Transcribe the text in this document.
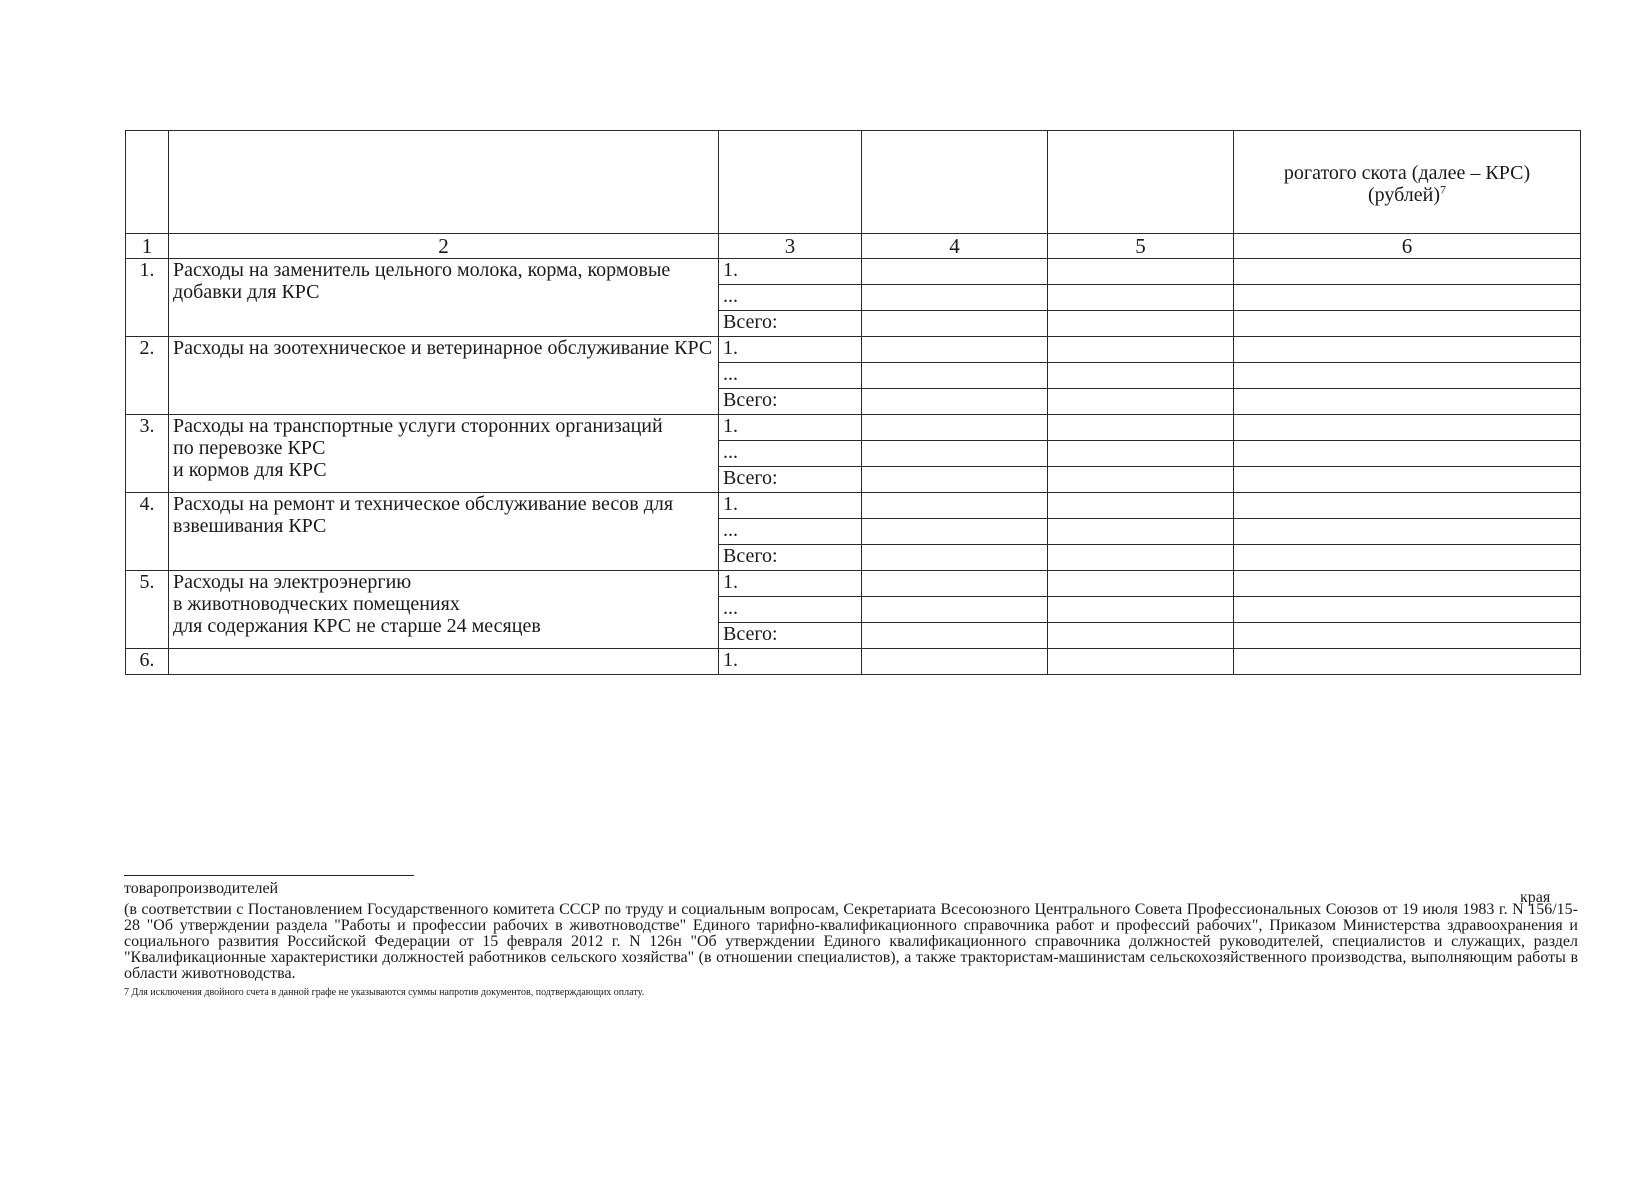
					рогатого скота (далее – КРС)
(рублей)$^7$

1	2	3	4	5	6
1.	Расходы на заменитель цельного молока, корма, кормовые добавки для КРС	1.			
		...			
		Всего:			
2.	Расходы на зоотехническое и ветеринарное обслуживание КРС	1.			
		...			
		Всего:			
3.	Расходы на транспортные услуги сторонних организаций
по перевозке КРС
и кормов для КРС	1.			
		...			
		Всего:			
4.	Расходы на ремонт и техническое обслуживание весов для взвешивания КРС	1.			
		...			
		Всего:			
5.	Расходы на электроэнергию
в животноводческих помещениях
для содержания КРС не старше 24 месяцев	1.			
		...			
		Всего:			
6.		1.			
товаропроизводителей
края
(в соответствии с Постановлением Государственного комитета СССР по труду и социальным вопросам, Секретариата Всесоюзного Центрального Совета Профессиональных Союзов от 19 июля 1983 г. N 156/15-28 "Об утверждении раздела "Работы и профессии рабочих в животноводстве" Единого тарифно-квалификационного справочника работ и профессий рабочих", Приказом Министерства здравоохранения и социального развития Российской Федерации от 15 февраля 2012 г. N 126н "Об утверждении Единого квалификационного справочника должностей руководителей, специалистов и служащих, раздел "Квалификационные характеристики должностей работников сельского хозяйства" (в отношении специалистов), а также трактористам-машинистам сельскохозяйственного производства, выполняющим работы в области животноводства.
7 Для исключения двойного счета в данной графе не указываются суммы напротив документов, подтверждающих оплату.
